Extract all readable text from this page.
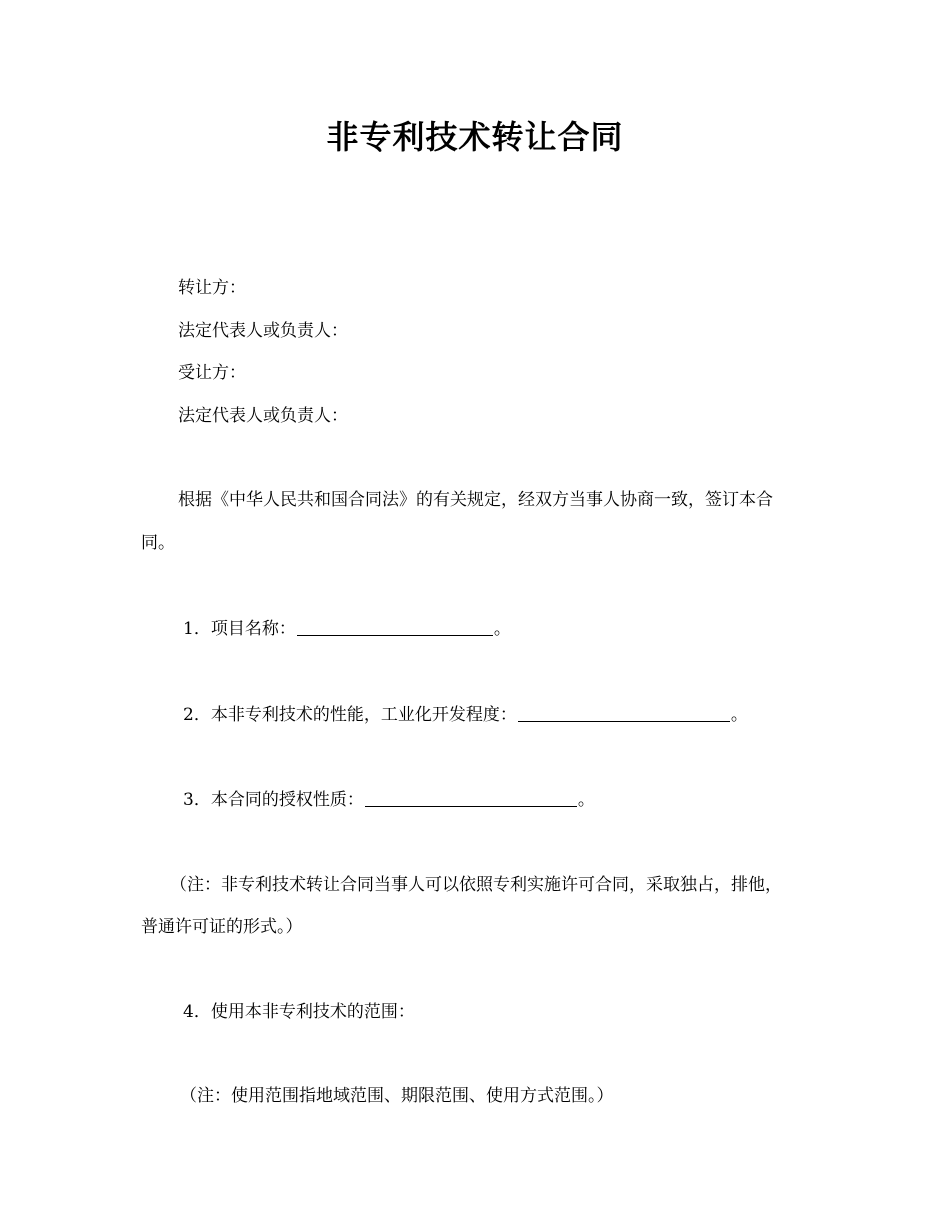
非专利技术转让合同

转让方：

法定代表人或负责人：

受让方：

法定代表人或负责人：

根据《中华人民共和国合同法》的有关规定，经双方当事人协商一致，签订本合

同。

1．项目名称：	。

2．本非专利技术的性能，工业化开发程度：	。

3．本合同的授权性质：	。

（注：非专利技术转让合同当事人可以依照专利实施许可合同，采取独占，排他，

普通许可证的形式。）

4．使用本非专利技术的范围：

（注：使用范围指地域范围、期限范围、使用方式范围。）
